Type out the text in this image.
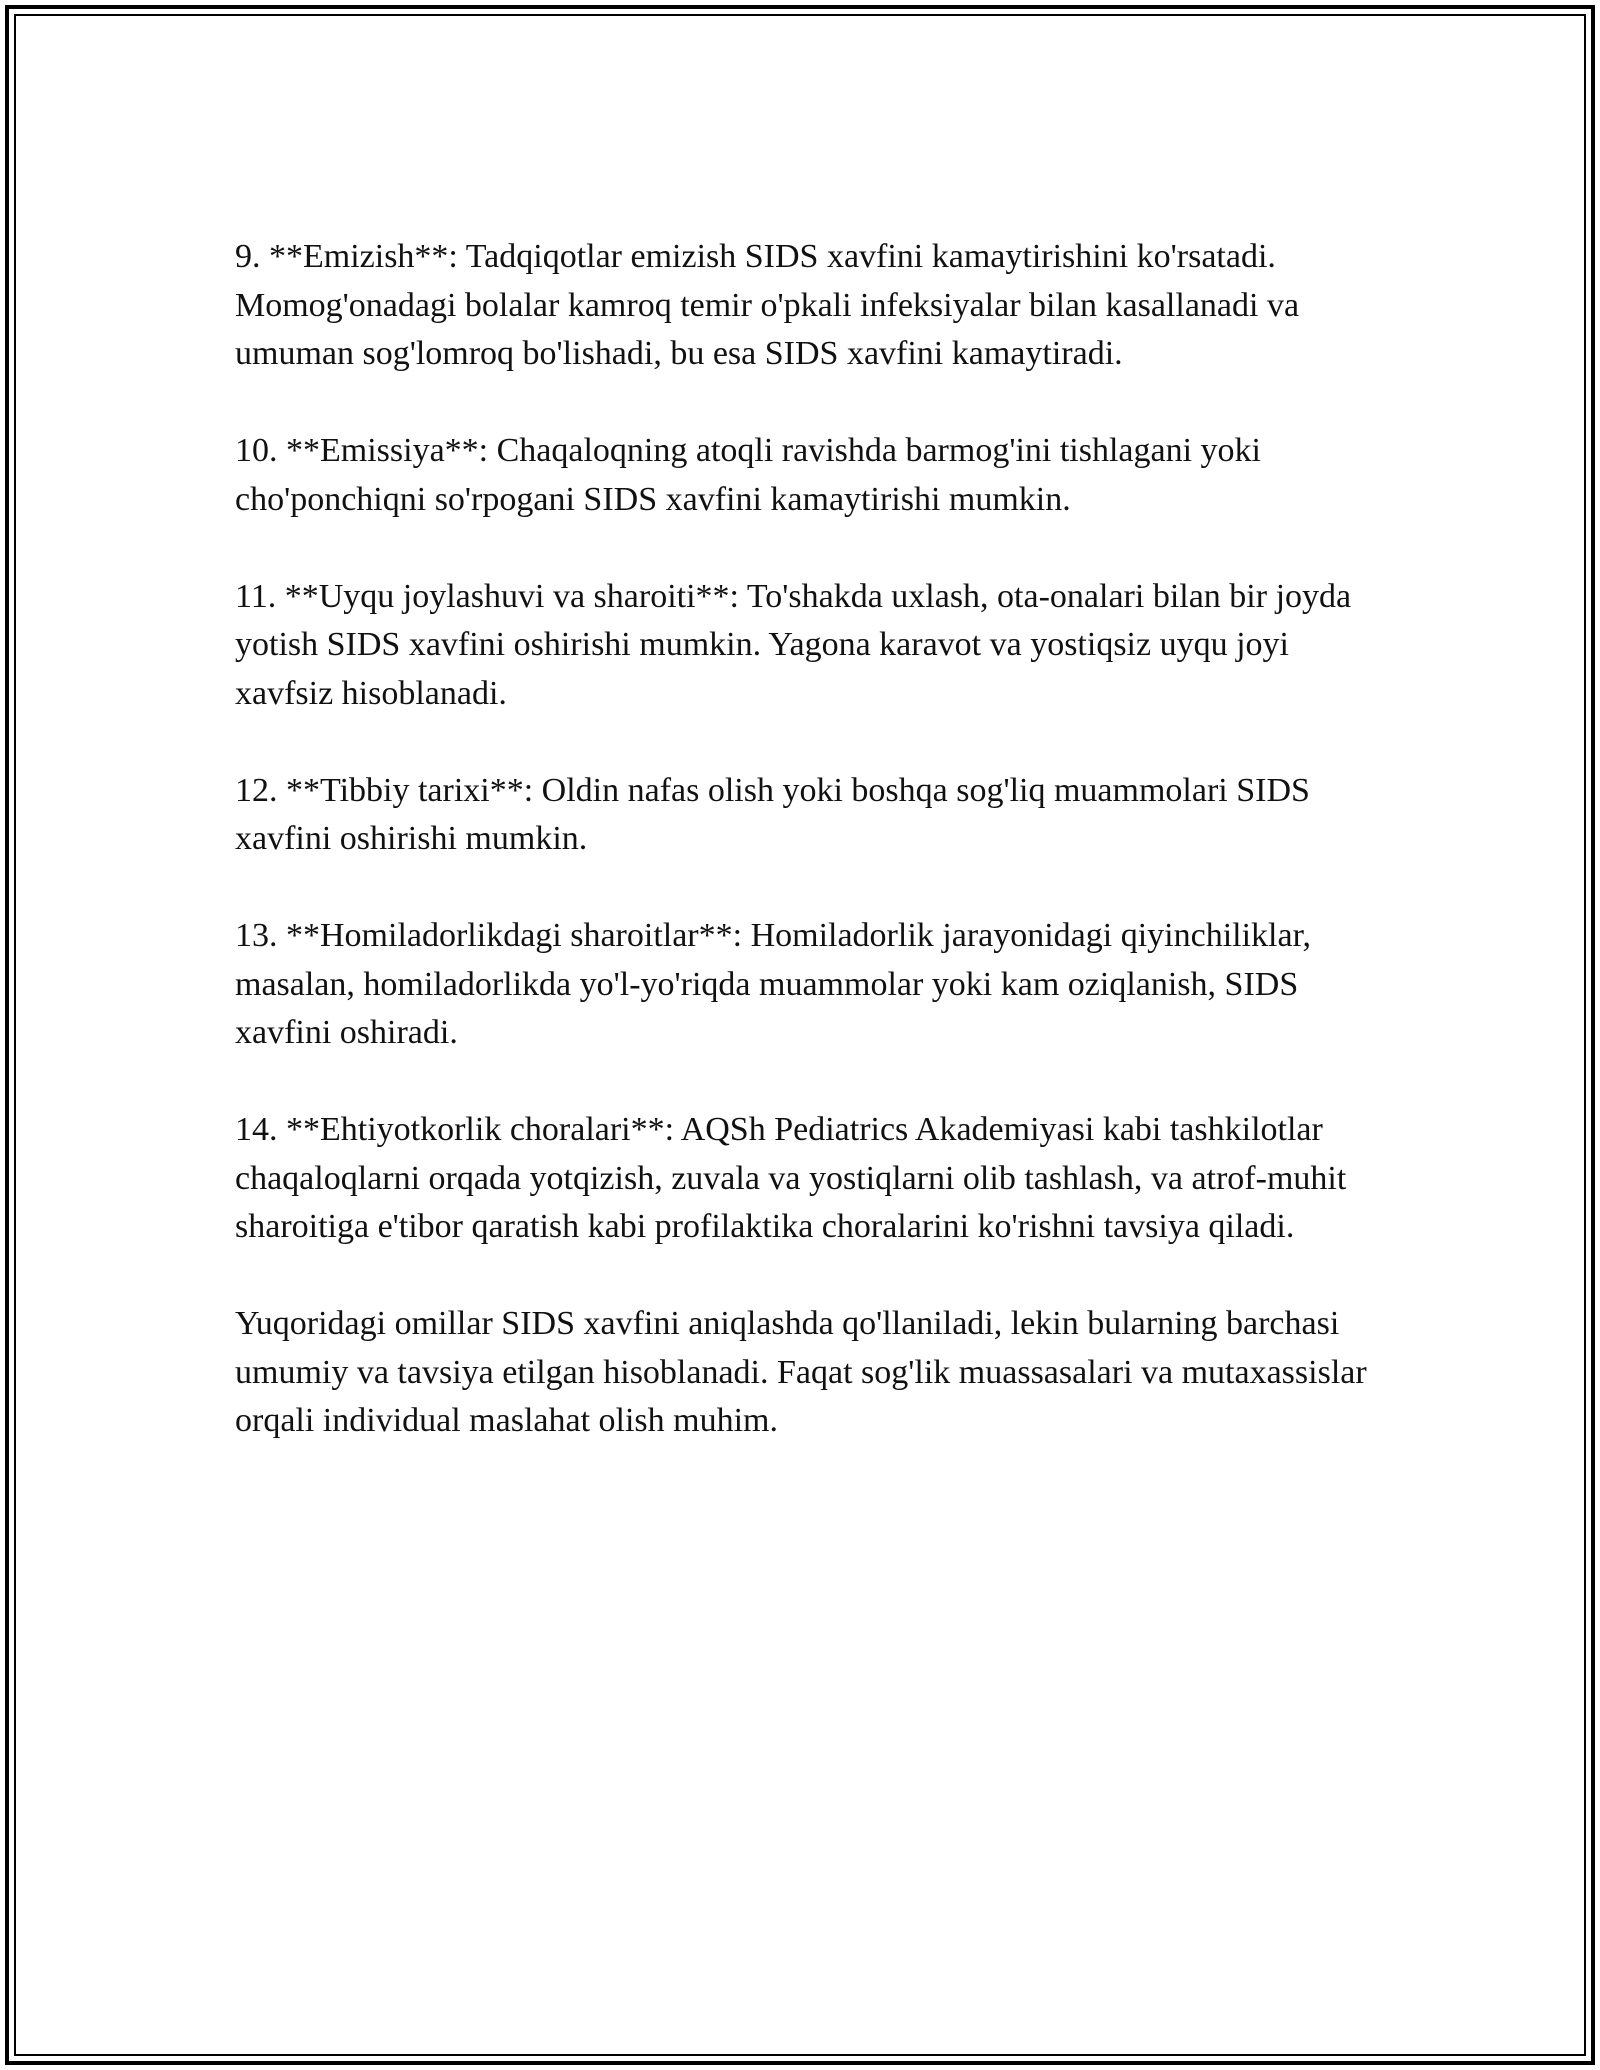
9. **Emizish**: Tadqiqotlar emizish SIDS xavfini kamaytirishini ko'rsatadi. Momog'onadagi bolalar kamroq temir o'pkali infeksiyalar bilan kasallanadi va umuman sog'lomroq bo'lishadi, bu esa SIDS xavfini kamaytiradi.

10. **Emissiya**: Chaqaloqning atoqli ravishda barmog'ini tishlagani yoki cho'ponchiqni so'rpogani SIDS xavfini kamaytirishi mumkin.

11. **Uyqu joylashuvi va sharoiti**: To'shakda uxlash, ota-onalari bilan bir joyda yotish SIDS xavfini oshirishi mumkin. Yagona karavot va yostiqsiz uyqu joyi xavfsiz hisoblanadi.

12. **Tibbiy tarixi**: Oldin nafas olish yoki boshqa sog'liq muammolari SIDS xavfini oshirishi mumkin.

13. **Homiladorlikdagi sharoitlar**: Homiladorlik jarayonidagi qiyinchiliklar, masalan, homiladorlikda yo'l-yo'riqda muammolar yoki kam oziqlanish, SIDS xavfini oshiradi.

14. **Ehtiyotkorlik choralari**: AQSh Pediatrics Akademiyasi kabi tashkilotlar chaqaloqlarni orqada yotqizish, zuvala va yostiqlarni olib tashlash, va atrof-muhit sharoitiga e'tibor qaratish kabi profilaktika choralarini ko'rishni tavsiya qiladi.

Yuqoridagi omillar SIDS xavfini aniqlashda qo'llaniladi, lekin bularning barchasi umumiy va tavsiya etilgan hisoblanadi. Faqat sog'lik muassasalari va mutaxassislar orqali individual maslahat olish muhim.
